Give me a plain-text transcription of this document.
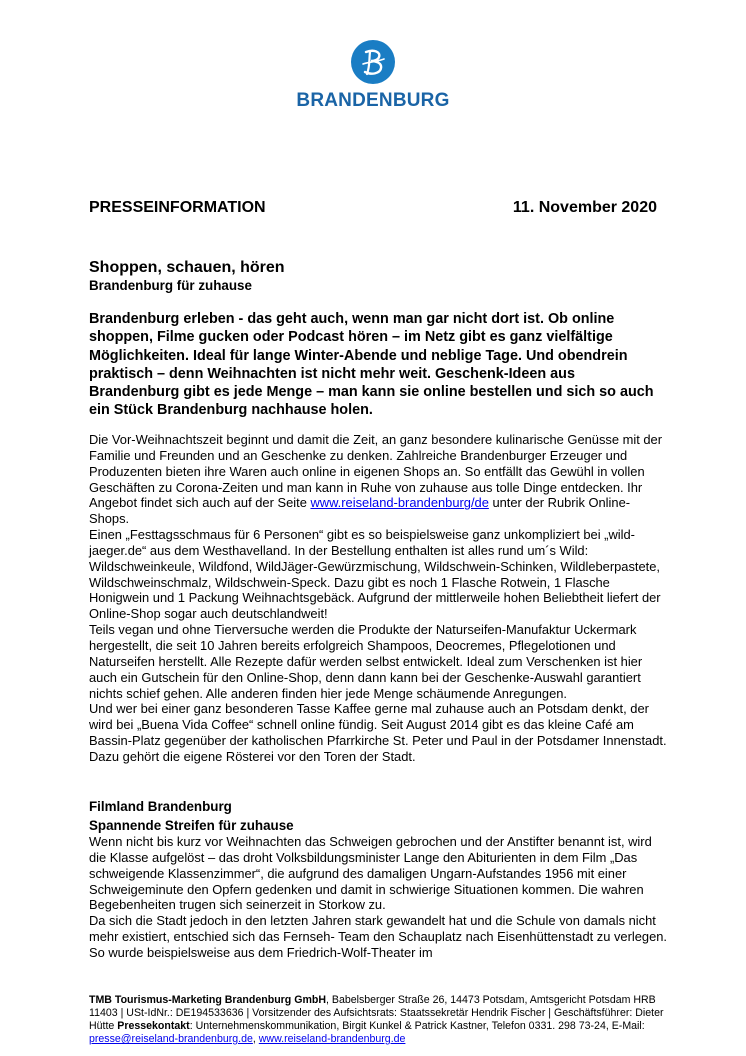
BRANDENBURG
PRESSEINFORMATION	11. November 2020
Shoppen, schauen, hören
Brandenburg für zuhause
Brandenburg erleben - das geht auch, wenn man gar nicht dort ist. Ob online shoppen, Filme gucken oder Podcast hören – im Netz gibt es ganz vielfältige Möglichkeiten. Ideal für lange Winter-Abende und neblige Tage. Und obendrein praktisch – denn Weihnachten ist nicht mehr weit. Geschenk-Ideen aus Brandenburg gibt es jede Menge – man kann sie online bestellen und sich so auch ein Stück Brandenburg nachhause holen.

Die Vor-Weihnachtszeit beginnt und damit die Zeit, an ganz besondere kulinarische Genüsse mit der Familie und Freunden und an Geschenke zu denken. Zahlreiche Brandenburger Erzeuger und Produzenten bieten ihre Waren auch online in eigenen Shops an. So entfällt das Gewühl in vollen Geschäften zu Corona-Zeiten und man kann in Ruhe von zuhause aus tolle Dinge entdecken. Ihr Angebot findet sich auch auf der Seite www.reiseland-brandenburg/de unter der Rubrik Online-Shops.

Einen „Festtagsschmaus für 6 Personen“ gibt es so beispielsweise ganz unkompliziert bei „wild-jaeger.de“ aus dem Westhavelland. In der Bestellung enthalten ist alles rund um´s Wild: Wildschweinkeule, Wildfond, WildJäger-Gewürzmischung, Wildschwein-Schinken, Wildleberpastete, Wildschweinschmalz, Wildschwein-Speck. Dazu gibt es noch 1 Flasche Rotwein, 1 Flasche Honigwein und 1 Packung Weihnachtsgebäck. Aufgrund der mittlerweile hohen Beliebtheit liefert der Online-Shop sogar auch deutschlandweit!

Teils vegan und ohne Tierversuche werden die Produkte der Naturseifen-Manufaktur Uckermark hergestellt, die seit 10 Jahren bereits erfolgreich Shampoos, Deocremes, Pflegelotionen und Naturseifen herstellt. Alle Rezepte dafür werden selbst entwickelt. Ideal zum Verschenken ist hier auch ein Gutschein für den Online-Shop, denn dann kann bei der Geschenke-Auswahl garantiert nichts schief gehen. Alle anderen finden hier jede Menge schäumende Anregungen.

Und wer bei einer ganz besonderen Tasse Kaffee gerne mal zuhause auch an Potsdam denkt, der wird bei „Buena Vida Coffee“ schnell online fündig. Seit August 2014 gibt es das kleine Café am Bassin-Platz gegenüber der katholischen Pfarrkirche St. Peter und Paul in der Potsdamer Innenstadt. Dazu gehört die eigene Rösterei vor den Toren der Stadt.

Filmland Brandenburg
Spannende Streifen für zuhause

Wenn nicht bis kurz vor Weihnachten das Schweigen gebrochen und der Anstifter benannt ist, wird die Klasse aufgelöst – das droht Volksbildungsminister Lange den Abiturienten in dem Film „Das schweigende Klassenzimmer“, die aufgrund des damaligen Ungarn-Aufstandes 1956 mit einer Schweigeminute den Opfern gedenken und damit in schwierige Situationen kommen. Die wahren Begebenheiten trugen sich seinerzeit in Storkow zu.

Da sich die Stadt jedoch in den letzten Jahren stark gewandelt hat und die Schule von damals nicht mehr existiert, entschied sich das Fernseh- Team den Schauplatz nach Eisenhüttenstadt zu verlegen. So wurde beispielsweise aus dem Friedrich-Wolf-Theater im

TMB Tourismus-Marketing Brandenburg GmbH, Babelsberger Straße 26, 14473 Potsdam, Amtsgericht Potsdam HRB 11403 | USt-IdNr.: DE194533636 | Vorsitzender des Aufsichtsrats: Staatssekretär Hendrik Fischer | Geschäftsführer: Dieter Hütte Pressekontakt: Unternehmenskommunikation, Birgit Kunkel & Patrick Kastner, Telefon 0331. 298 73-24, E-Mail: presse@reiseland-brandenburg.de, www.reiseland-brandenburg.de
